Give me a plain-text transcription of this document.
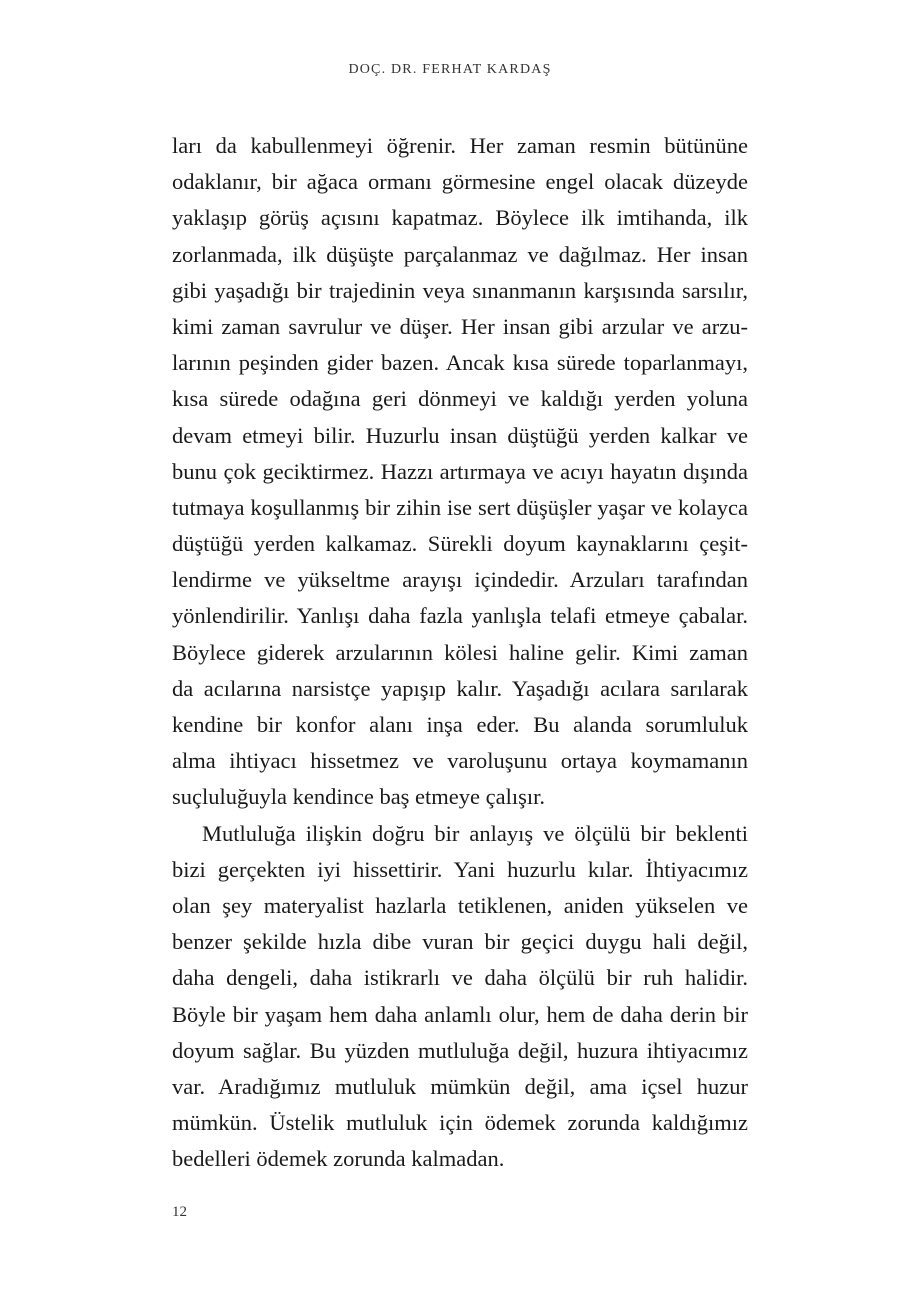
DOÇ. DR. FERHAT KARDAŞ

ları da kabullenmeyi öğrenir. Her zaman resmin bütününe
odaklanır, bir ağaca ormanı görmesine engel olacak düzeyde
yaklaşıp görüş açısını kapatmaz. Böylece ilk imtihanda, ilk
zorlanmada, ilk düşüşte parçalanmaz ve dağılmaz. Her insan
gibi yaşadığı bir trajedinin veya sınanmanın karşısında sarsılır,
kimi zaman savrulur ve düşer. Her insan gibi arzular ve arzu-
larının peşinden gider bazen. Ancak kısa sürede toparlanmayı,
kısa sürede odağına geri dönmeyi ve kaldığı yerden yoluna
devam etmeyi bilir. Huzurlu insan düştüğü yerden kalkar ve
bunu çok geciktirmez. Hazzı artırmaya ve acıyı hayatın dışında
tutmaya koşullanmış bir zihin ise sert düşüşler yaşar ve kolayca
düştüğü yerden kalkamaz. Sürekli doyum kaynaklarını çeşit-
lendirme ve yükseltme arayışı içindedir. Arzuları tarafından
yönlendirilir. Yanlışı daha fazla yanlışla telafi etmeye çabalar.
Böylece giderek arzularının kölesi haline gelir. Kimi zaman
da acılarına narsistçe yapışıp kalır. Yaşadığı acılara sarılarak
kendine bir konfor alanı inşa eder. Bu alanda sorumluluk
alma ihtiyacı hissetmez ve varoluşunu ortaya koymamanın
suçluluğuyla kendince baş etmeye çalışır.

Mutluluğa ilişkin doğru bir anlayış ve ölçülü bir beklenti
bizi gerçekten iyi hissettirir. Yani huzurlu kılar. İhtiyacımız
olan şey materyalist hazlarla tetiklenen, aniden yükselen ve
benzer şekilde hızla dibe vuran bir geçici duygu hali değil,
daha dengeli, daha istikrarlı ve daha ölçülü bir ruh halidir.
Böyle bir yaşam hem daha anlamlı olur, hem de daha derin bir
doyum sağlar. Bu yüzden mutluluğa değil, huzura ihtiyacımız
var. Aradığımız mutluluk mümkün değil, ama içsel huzur
mümkün. Üstelik mutluluk için ödemek zorunda kaldığımız
bedelleri ödemek zorunda kalmadan.

12
